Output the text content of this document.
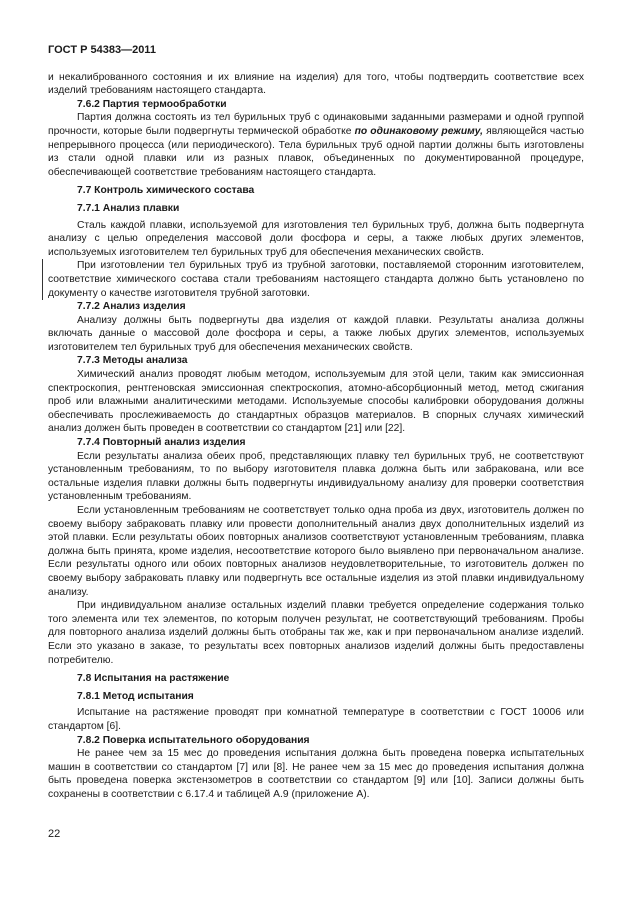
ГОСТ Р 54383—2011

и некалиброванного состояния и их влияние на изделия) для того, чтобы подтвердить соответствие всех изделий требованиям настоящего стандарта.

7.6.2 Партия термообработки

Партия должна состоять из тел бурильных труб с одинаковыми заданными размерами и одной группой прочности, которые были подвергнуты термической обработке по одинаковому режиму, являющейся частью непрерывного процесса (или периодического). Тела бурильных труб одной партии должны быть изготовлены из стали одной плавки или из разных плавок, объединенных по документированной процедуре, обеспечивающей соответствие требованиям настоящего стандарта.

7.7 Контроль химического состава
7.7.1 Анализ плавки

Сталь каждой плавки, используемой для изготовления тел бурильных труб, должна быть подвергнута анализу с целью определения массовой доли фосфора и серы, а также любых других элементов, используемых изготовителем тел бурильных труб для обеспечения механических свойств.

При изготовлении тел бурильных труб из трубной заготовки, поставляемой сторонним изготовителем, соответствие химического состава стали требованиям настоящего стандарта должно быть установлено по документу о качестве изготовителя трубной заготовки.

7.7.2 Анализ изделия

Анализу должны быть подвергнуты два изделия от каждой плавки. Результаты анализа должны включать данные о массовой доле фосфора и серы, а также любых других элементов, используемых изготовителем тел бурильных труб для обеспечения механических свойств.

7.7.3 Методы анализа

Химический анализ проводят любым методом, используемым для этой цели, таким как эмиссионная спектроскопия, рентгеновская эмиссионная спектроскопия, атомно-абсорбционный метод, метод сжигания проб или влажными аналитическими методами. Используемые способы калибровки оборудования должны обеспечивать прослеживаемость до стандартных образцов материалов. В спорных случаях химический анализ должен быть проведен в соответствии со стандартом [21] или [22].

7.7.4 Повторный анализ изделия

Если результаты анализа обеих проб, представляющих плавку тел бурильных труб, не соответствуют установленным требованиям, то по выбору изготовителя плавка должна быть или забракована, или все остальные изделия плавки должны быть подвергнуты индивидуальному анализу для проверки соответствия установленным требованиям.

Если установленным требованиям не соответствует только одна проба из двух, изготовитель должен по своему выбору забраковать плавку или провести дополнительный анализ двух дополнительных изделий из этой плавки. Если результаты обоих повторных анализов соответствуют установленным требованиям, плавка должна быть принята, кроме изделия, несоответствие которого было выявлено при первоначальном анализе. Если результаты одного или обоих повторных анализов неудовлетворительные, то изготовитель должен по своему выбору забраковать плавку или подвергнуть все остальные изделия из этой плавки индивидуальному анализу.

При индивидуальном анализе остальных изделий плавки требуется определение содержания только того элемента или тех элементов, по которым получен результат, не соответствующий требованиям. Пробы для повторного анализа изделий должны быть отобраны так же, как и при первоначальном анализе изделий. Если это указано в заказе, то результаты всех повторных анализов изделий должны быть предоставлены потребителю.

7.8 Испытания на растяжение
7.8.1 Метод испытания

Испытание на растяжение проводят при комнатной температуре в соответствии с ГОСТ 10006 или стандартом [6].

7.8.2 Поверка испытательного оборудования

Не ранее чем за 15 мес до проведения испытания должна быть проведена поверка испытательных машин в соответствии со стандартом [7] или [8]. Не ранее чем за 15 мес до проведения испытания должна быть проведена поверка экстензометров в соответствии со стандартом [9] или [10]. Записи должны быть сохранены в соответствии с 6.17.4 и таблицей А.9 (приложение А).

22
